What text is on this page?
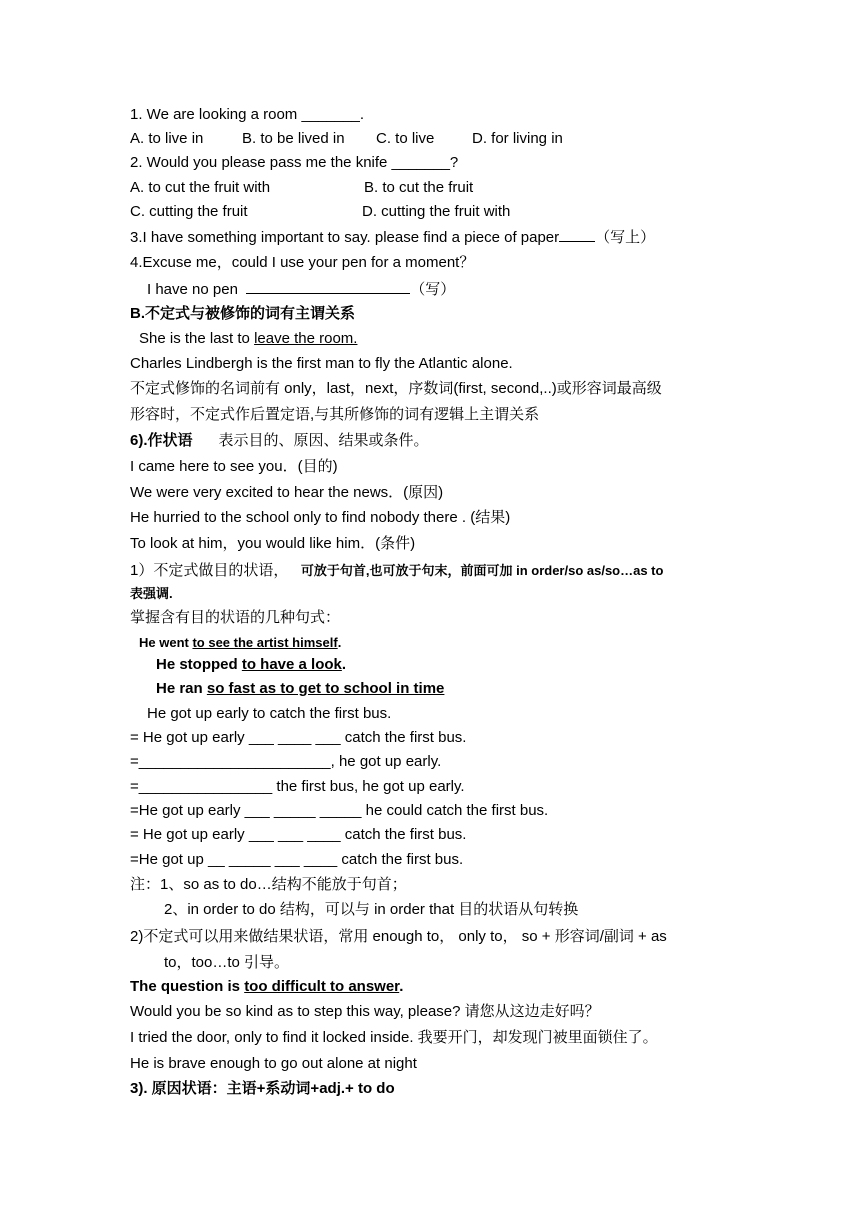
1. We are looking a room _______.
A. to live in	B. to be lived in C. to live	D. for living in
2. Would you please pass me the knife _______?
A. to cut the fruit with	B. to cut the fruit
C. cutting the fruit	D. cutting the fruit with
3.I have something important to say. please find a piece of paper （写上）
4.Excuse me，could I use your pen for a moment？
I have no pen	（写）
B.不定式与被修饰的词有主谓关系
She is the last to leave the room.
Charles Lindbergh is the first man to fly the Atlantic alone.
不定式修饰的名词前有 only，last，next，序数词(first, second,..)或形容词最高级
形容时，不定式作后置定语,与其所修饰的词有逻辑上主谓关系
6).作状语 表示目的、原因、结果或条件。
I came here to see you．(目的)
We were very excited to hear the news．(原因)
He hurried to the school only to find nobody there . (结果)
To look at him，you would like him．(条件)
1）不定式做目的状语， 可放于句首,也可放于句末，前面可加 in order/so as/so…as to
表强调.
掌握含有目的状语的几种句式：
He went to see the artist himself.
He stopped to have a look.
He ran so fast as to get to school in time
He got up early to catch the first bus.
= He got up early ___ ____ ___ catch the first bus.
=_______________________, he got up early.
=________________ the first bus, he got up early.
=He got up early ___ _____ _____ he could catch the first bus.
= He got up early ___ ___ ____ catch the first bus.
=He got up __ _____ ___ ____ catch the first bus.
注：1、so as to do…结构不能放于句首；
2、in order to do 结构，可以与 in order that 目的状语从句转换
2)不定式可以用来做结果状语，常用 enough to， only to， so + 形容词/副词 + as
to，too…to 引导。
The question is too difficult to answer.
Would you be so kind as to step this way, please? 请您从这边走好吗？
I tried the door, only to find it locked inside. 我要开门，却发现门被里面锁住了。
He is brave enough to go out alone at night
3). 原因状语：主语+系动词+adj.+ to do
